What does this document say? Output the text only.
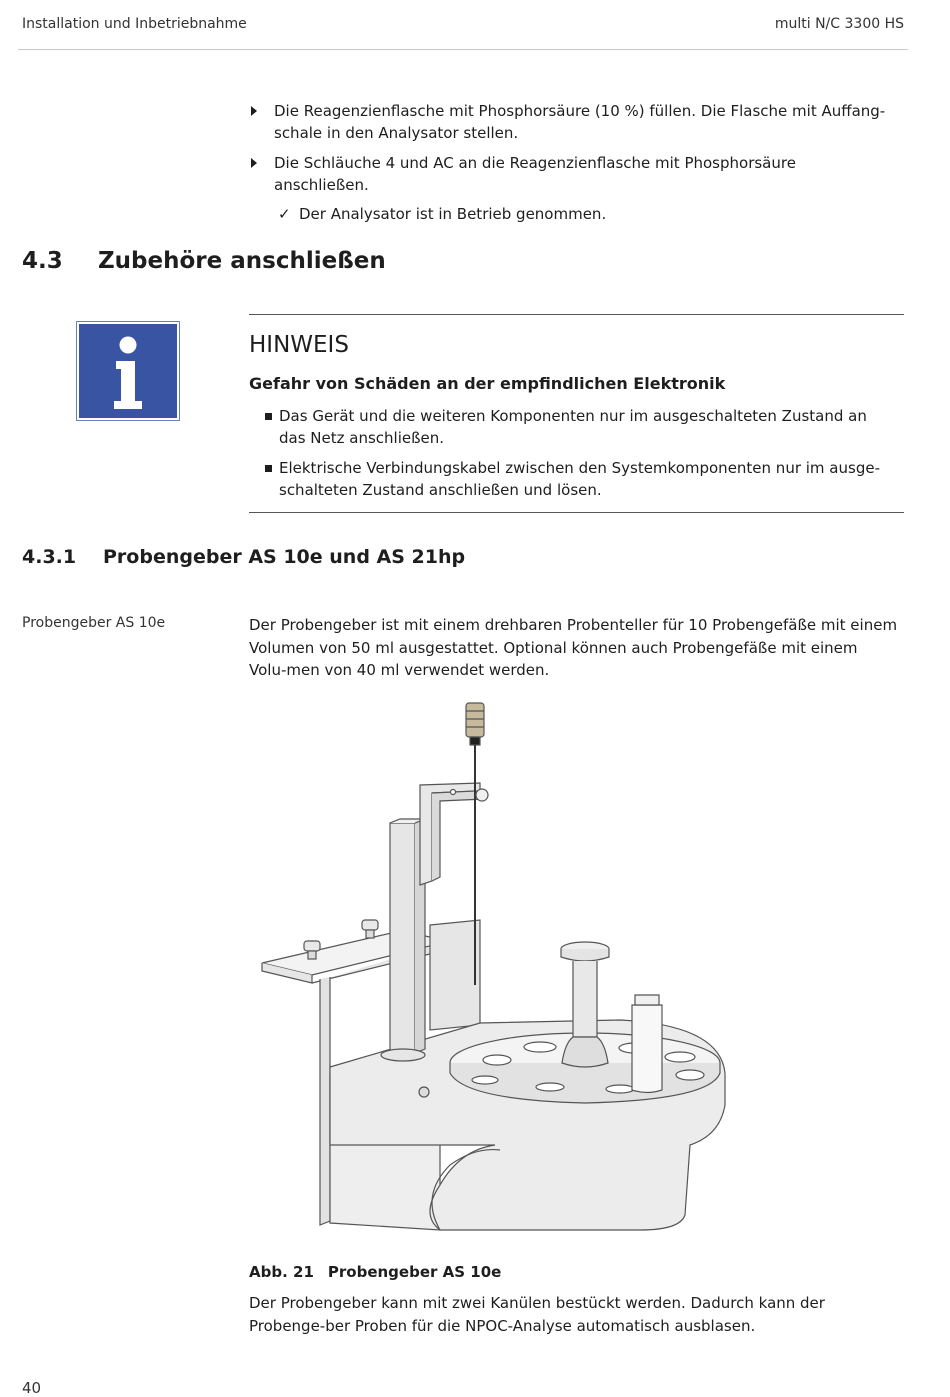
Installation und Inbetriebnahme	multi N/C 3300 HS
Die Reagenzienflasche mit Phosphorsäure (10 %) füllen. Die Flasche mit Auffang-schale in den Analysator stellen.
Die Schläuche 4 und AC an die Reagenzienflasche mit Phosphorsäure anschließen.
✓ Der Analysator ist in Betrieb genommen.
4.3 Zubehöre anschließen
HINWEIS
Gefahr von Schäden an der empfindlichen Elektronik
Das Gerät und die weiteren Komponenten nur im ausgeschalteten Zustand an das Netz anschließen.
Elektrische Verbindungskabel zwischen den Systemkomponenten nur im ausge-schalteten Zustand anschließen und lösen.
4.3.1 Probengeber AS 10e und AS 21hp
Probengeber AS 10e	Der Probengeber ist mit einem drehbaren Probenteller für 10 Probengefäße mit einem Volumen von 50 ml ausgestattet. Optional können auch Probengefäße mit einem Volu-men von 40 ml verwendet werden.
Abb. 21 Probengeber AS 10e
Der Probengeber kann mit zwei Kanülen bestückt werden. Dadurch kann der Probenge-ber Proben für die NPOC-Analyse automatisch ausblasen.
40
